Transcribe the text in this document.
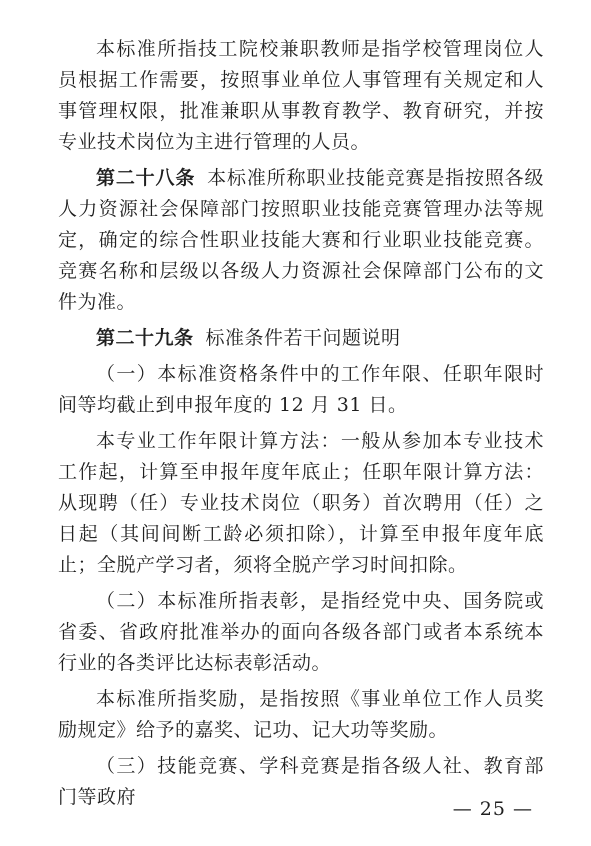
本标准所指技工院校兼职教师是指学校管理岗位人员根据工作需要，按照事业单位人事管理有关规定和人事管理权限，批准兼职从事教育教学、教育研究，并按专业技术岗位为主进行管理的人员。

第二十八条 本标准所称职业技能竞赛是指按照各级人力资源社会保障部门按照职业技能竞赛管理办法等规定，确定的综合性职业技能大赛和行业职业技能竞赛。竞赛名称和层级以各级人力资源社会保障部门公布的文件为准。

第二十九条 标准条件若干问题说明

（一）本标准资格条件中的工作年限、任职年限时间等均截止到申报年度的 12 月 31 日。

本专业工作年限计算方法：一般从参加本专业技术工作起，计算至申报年度年底止；任职年限计算方法：从现聘（任）专业技术岗位（职务）首次聘用（任）之日起（其间间断工龄必须扣除），计算至申报年度年底止；全脱产学习者，须将全脱产学习时间扣除。

（二）本标准所指表彰，是指经党中央、国务院或省委、省政府批准举办的面向各级各部门或者本系统本行业的各类评比达标表彰活动。

本标准所指奖励，是指按照《事业单位工作人员奖励规定》给予的嘉奖、记功、记大功等奖励。

（三）技能竞赛、学科竞赛是指各级人社、教育部门等政府

— 25 —
